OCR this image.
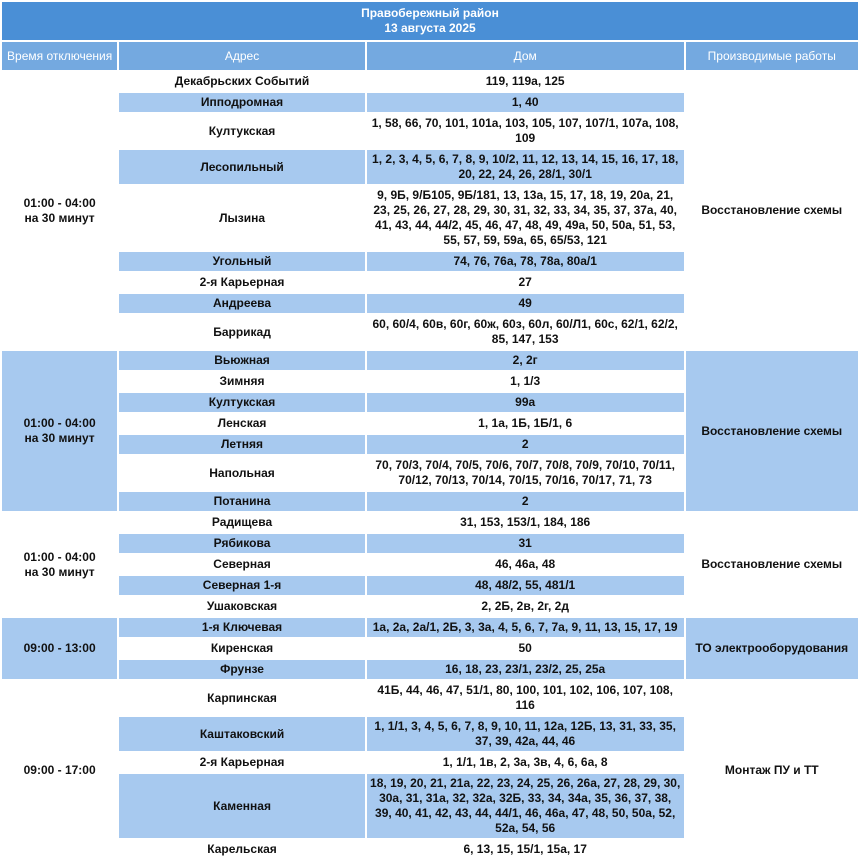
Правобережный район
13 августа 2025			

Время отключения	Адрес	Дом	Производимые работы

01:00 - 04:00
на 30 минут	Декабрьских Событий	119, 119а, 125	Восстановление схемы
	Ипподромная	1, 40	
	Култукская	1, 58, 66, 70, 101, 101а, 103, 105, 107, 107/1, 107а, 108, 109	
	Лесопильный	1, 2, 3, 4, 5, 6, 7, 8, 9, 10/2, 11, 12, 13, 14, 15, 16, 17, 18, 20, 22, 24, 26, 28/1, 30/1	
	Лызина	9, 9Б, 9/Б105, 9Б/181, 13, 13а, 15, 17, 18, 19, 20а, 21, 23, 25, 26, 27, 28, 29, 30, 31, 32, 33, 34, 35, 37, 37а, 40, 41, 43, 44, 44/2, 45, 46, 47, 48, 49, 49а, 50, 50а, 51, 53, 55, 57, 59, 59а, 65, 65/53, 121	
	Угольный	74, 76, 76а, 78, 78а, 80а/1	
	2-я Карьерная	27	
	Андреева	49	
	Баррикад	60, 60/4, 60в, 60г, 60ж, 60з, 60л, 60/Л1, 60с, 62/1, 62/2, 85, 147, 153	

01:00 - 04:00
на 30 минут	Вьюжная	2, 2г	Восстановление схемы
	Зимняя	1, 1/3	
	Култукская	99а	
	Ленская	1, 1а, 1Б, 1Б/1, 6	
	Летняя	2	
	Напольная	70, 70/3, 70/4, 70/5, 70/6, 70/7, 70/8, 70/9, 70/10, 70/11, 70/12, 70/13, 70/14, 70/15, 70/16, 70/17, 71, 73	
	Потанина	2	

01:00 - 04:00
на 30 минут	Радищева	31, 153, 153/1, 184, 186	Восстановление схемы
	Рябикова	31	
	Северная	46, 46а, 48	
	Северная 1-я	48, 48/2, 55, 481/1	
	Ушаковская	2, 2Б, 2в, 2г, 2д	

09:00 - 13:00	1-я Ключевая	1а, 2а, 2а/1, 2Б, 3, 3а, 4, 5, 6, 7, 7а, 9, 11, 13, 15, 17, 19	ТО электрооборудования
	Киренская	50	
	Фрунзе	16, 18, 23, 23/1, 23/2, 25, 25а	

09:00 - 17:00	Карпинская	41Б, 44, 46, 47, 51/1, 80, 100, 101, 102, 106, 107, 108, 116	Монтаж ПУ и ТТ
	Каштаковский	1, 1/1, 3, 4, 5, 6, 7, 8, 9, 10, 11, 12а, 12Б, 13, 31, 33, 35, 37, 39, 42а, 44, 46	
	2-я Карьерная	1, 1/1, 1в, 2, 3а, 3в, 4, 6, 6а, 8	
	Каменная	18, 19, 20, 21, 21а, 22, 23, 24, 25, 26, 26а, 27, 28, 29, 30, 30а, 31, 31а, 32, 32а, 32Б, 33, 34, 34а, 35, 36, 37, 38, 39, 40, 41, 42, 43, 44, 44/1, 46, 46а, 47, 48, 50, 50а, 52, 52а, 54, 56	
	Карельская	6, 13, 15, 15/1, 15а, 17	
